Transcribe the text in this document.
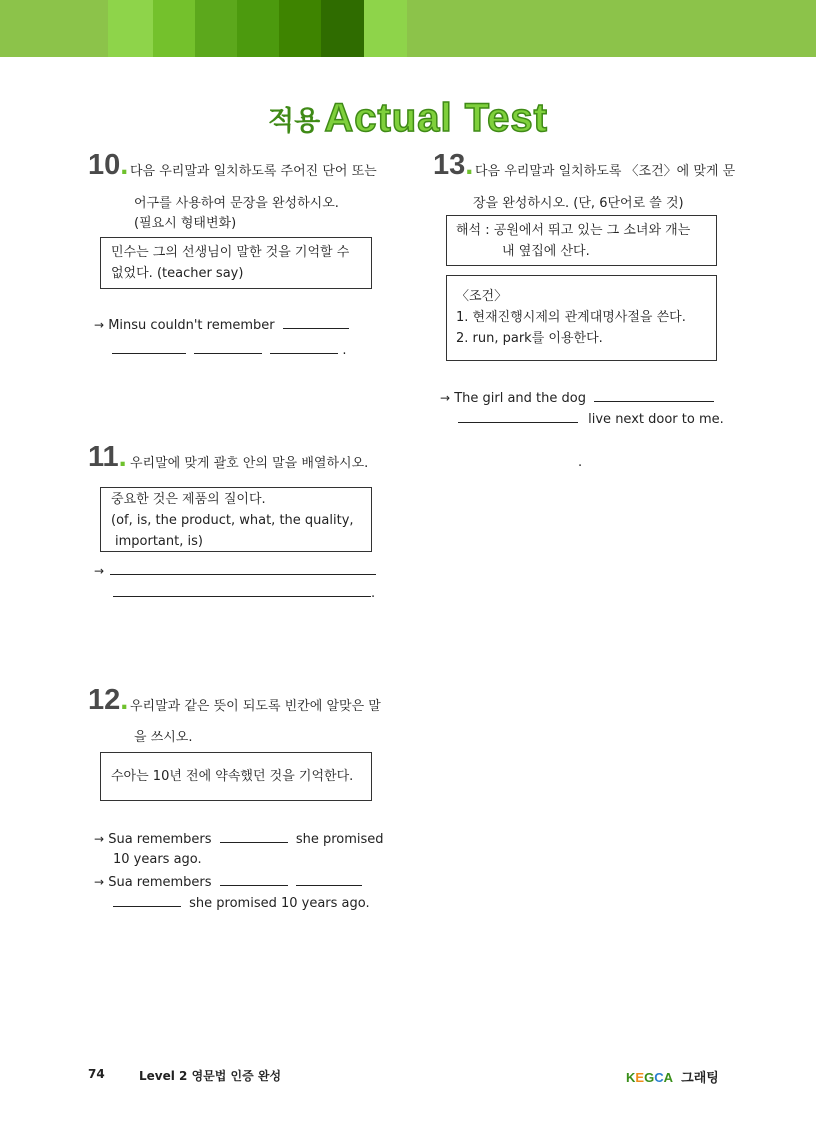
적용 Actual Test
10. 다음 우리말과 일치하도록 주어진 단어 또는
어구를 사용하여 문장을 완성하시오.
(필요시 형태변화)
민수는 그의 선생님이 말한 것을 기억할 수
없었다. (teacher say)
→ Minsu couldn't remember
.
11. 우리말에 맞게 괄호 안의 말을 배열하시오.
중요한 것은 제품의 질이다.
(of, is, the product, what, the quality,
important, is)
→
.
12. 우리말과 같은 뜻이 되도록 빈칸에 알맞은 말
을 쓰시오.
수아는 10년 전에 약속했던 것을 기억한다.
→ Sua remembers	she promised
10 years ago.
→ Sua remembers
she promised 10 years ago.
13. 다음 우리말과 일치하도록 〈조건〉에 맞게 문
장을 완성하시오. (단, 6단어로 쓸 것)
해석 : 공원에서 뛰고 있는 그 소녀와 개는
내 옆집에 산다.
〈조건〉
1. 현재진행시제의 관계대명사절을 쓴다.
2. run, park를 이용한다.
→ The girl and the dog
live next door to me.
.
74	Level 2 영문법 인증 완성	KEGCA 그래팅
